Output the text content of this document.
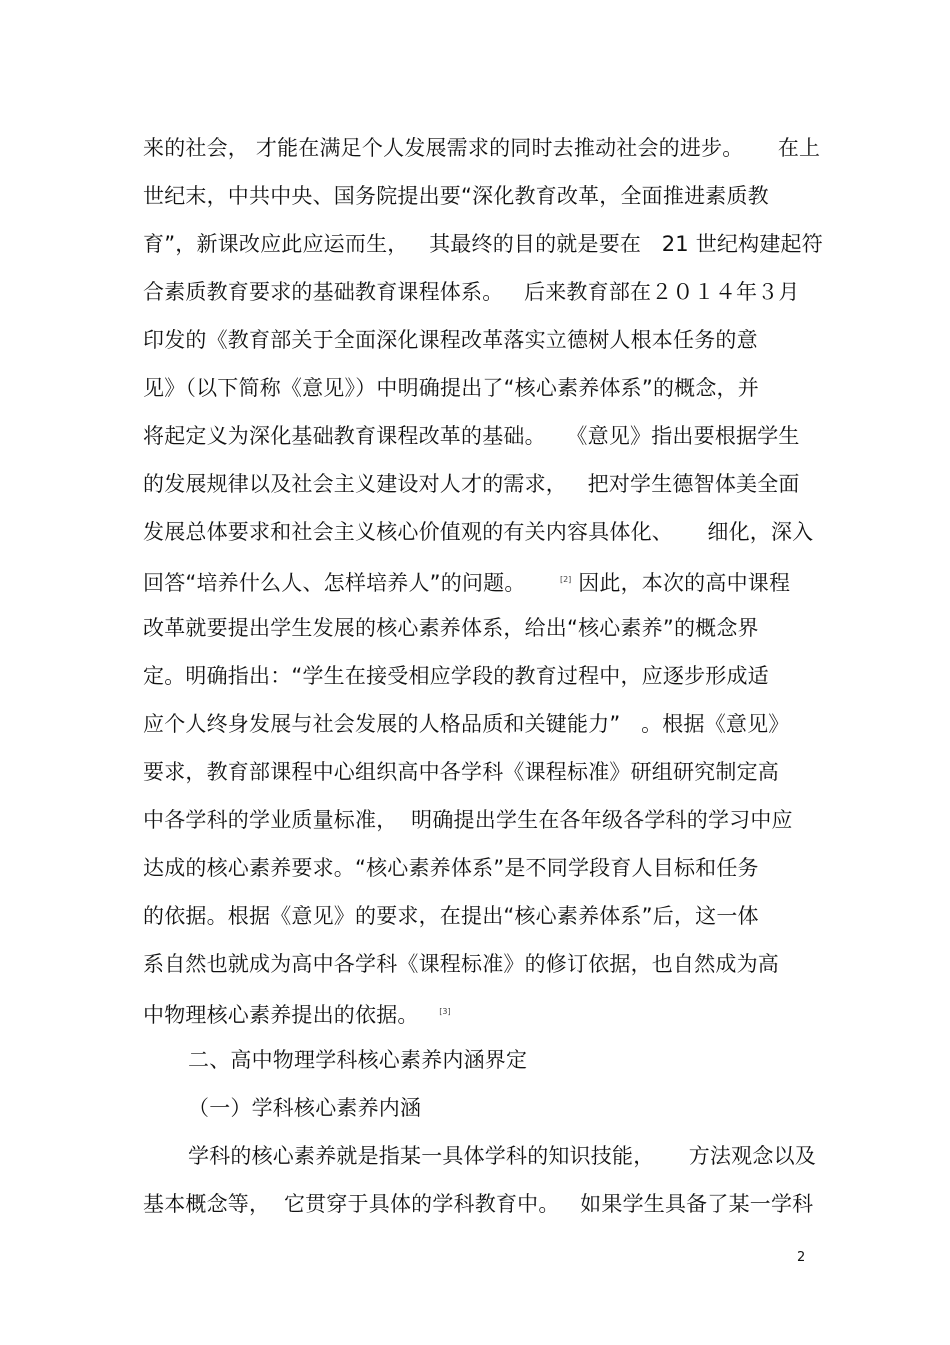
来的社会， 才能在满足个人发展需求的同时去推动社会的进步。     在上
世纪末，中共中央、国务院提出要“深化教育改革，全面推进素质教
育”，新课改应此应运而生，   其最终的目的就是要在   21 世纪构建起符
合素质教育要求的基础教育课程体系。   后来教育部在２０１４年３月
印发的《教育部关于全面深化课程改革落实立德树人根本任务的意
见》（以下简称《意见》）中明确提出了“核心素养体系”的概念，并
将起定义为深化基础教育课程改革的基础。   《意见》指出要根据学生
的发展规律以及社会主义建设对人才的需求，   把对学生德智体美全面
发展总体要求和社会主义核心价值观的有关内容具体化、     细化，深入
回答“培养什么人、怎样培养人”的问题。	[2] 因此，本次的高中课程
改革就要提出学生发展的核心素养体系，给出“核心素养”的概念界
定。明确指出：“学生在接受相应学段的教育过程中，应逐步形成适
应个人终身发展与社会发展的人格品质和关键能力”   。根据《意见》
要求，教育部课程中心组织高中各学科《课程标准》研组研究制定高
中各学科的学业质量标准，  明确提出学生在各年级各学科的学习中应
达成的核心素养要求。“核心素养体系”是不同学段育人目标和任务
的依据。根据《意见》的要求，在提出“核心素养体系”后，这一体
系自然也就成为高中各学科《课程标准》的修订依据，也自然成为高
中物理核心素养提出的依据。	[3]
二、高中物理学科核心素养内涵界定
（一）学科核心素养内涵
学科的核心素养就是指某一具体学科的知识技能，     方法观念以及
基本概念等，  它贯穿于具体的学科教育中。   如果学生具备了某一学科
2
